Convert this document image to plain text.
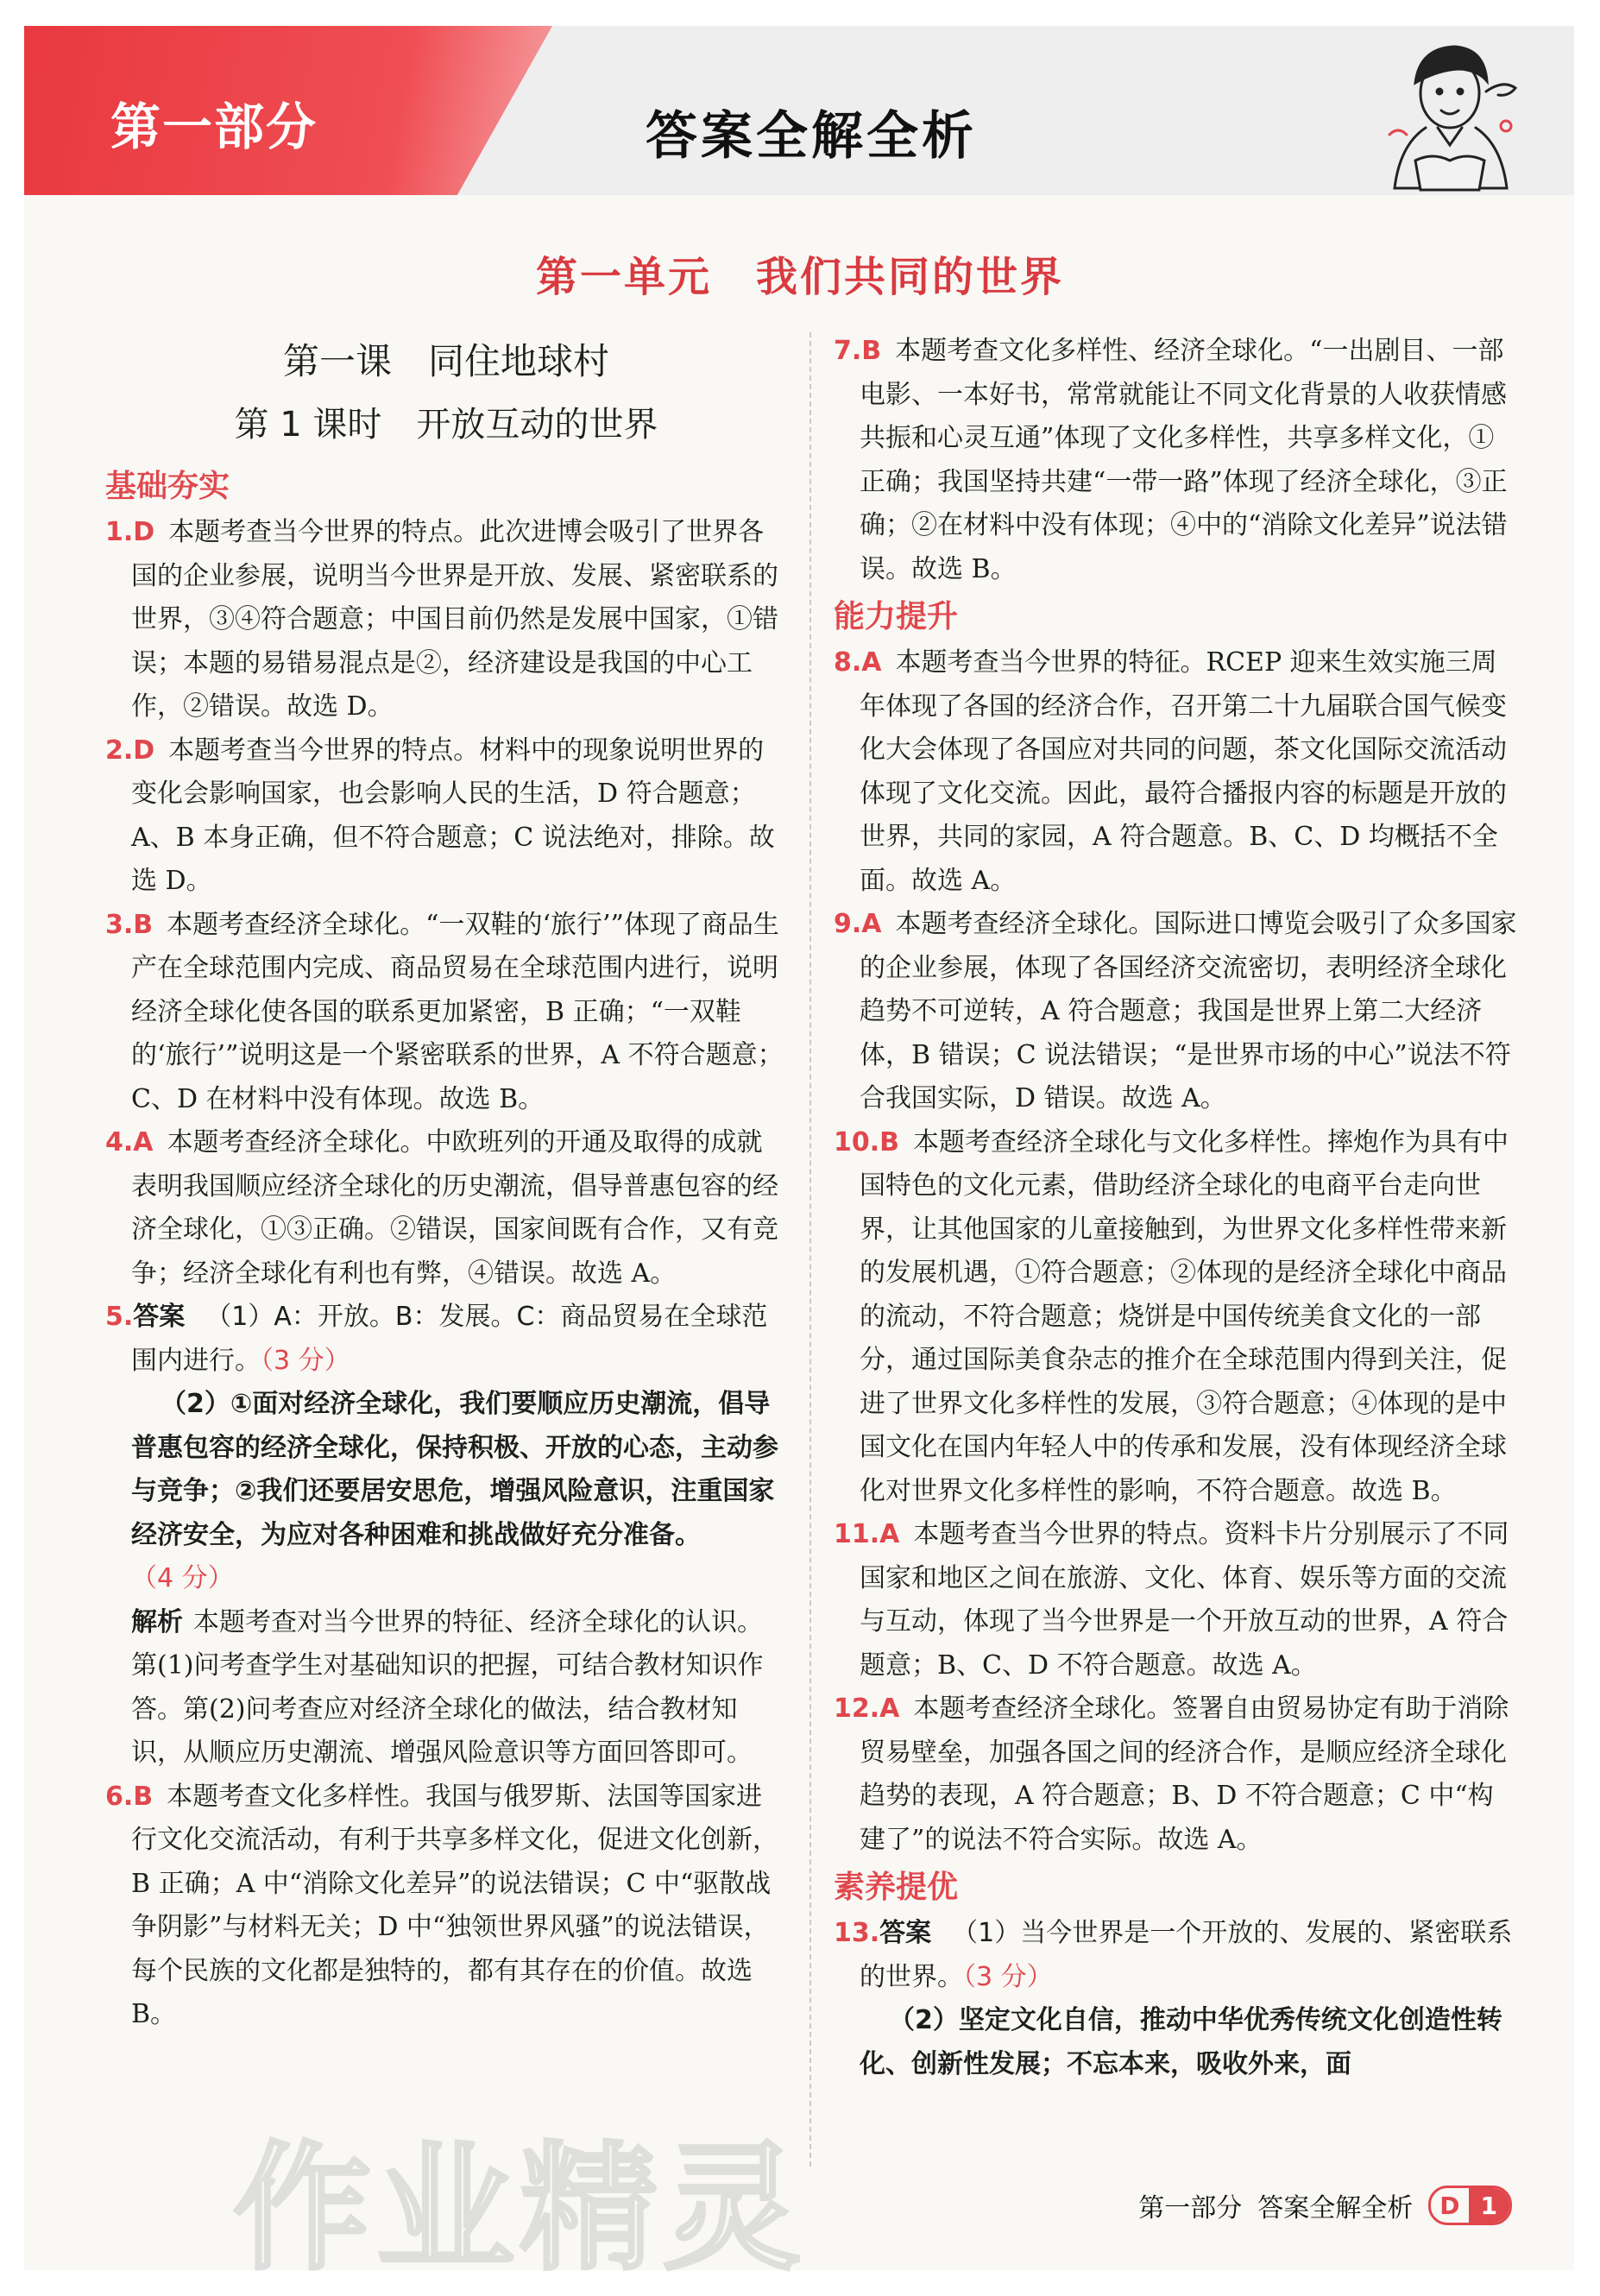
第一部分	答案全解全析
第一单元　我们共同的世界

第一课　同住地球村

第 1 课时　开放互动的世界

基础夯实

1.D 本题考查当今世界的特点。此次进博会吸引了世界各国的企业参展，说明当今世界是开放、发展、紧密联系的世界，③④符合题意；中国目前仍然是发展中国家，①错误；本题的易错易混点是②，经济建设是我国的中心工作，②错误。故选 D。

2.D 本题考查当今世界的特点。材料中的现象说明世界的变化会影响国家，也会影响人民的生活，D 符合题意；A、B 本身正确，但不符合题意；C 说法绝对，排除。故选 D。

3.B 本题考查经济全球化。“一双鞋的‘旅行’”体现了商品生产在全球范围内完成、商品贸易在全球范围内进行，说明经济全球化使各国的联系更加紧密，B 正确；“一双鞋的‘旅行’”说明这是一个紧密联系的世界，A 不符合题意；C、D 在材料中没有体现。故选 B。

4.A 本题考查经济全球化。中欧班列的开通及取得的成就表明我国顺应经济全球化的历史潮流，倡导普惠包容的经济全球化，①③正确。②错误，国家间既有合作，又有竞争；经济全球化有利也有弊，④错误。故选 A。

5.答案 （1）A：开放。B：发展。C：商品贸易在全球范围内进行。（3 分）

（2）①面对经济全球化，我们要顺应历史潮流，倡导普惠包容的经济全球化，保持积极、开放的心态，主动参与竞争；②我们还要居安思危，增强风险意识，注重国家经济安全，为应对各种困难和挑战做好充分准备。（4 分）

解析 本题考查对当今世界的特征、经济全球化的认识。第(1)问考查学生对基础知识的把握，可结合教材知识作答。第(2)问考查应对经济全球化的做法，结合教材知识，从顺应历史潮流、增强风险意识等方面回答即可。

6.B 本题考查文化多样性。我国与俄罗斯、法国等国家进行文化交流活动，有利于共享多样文化，促进文化创新，B 正确；A 中“消除文化差异”的说法错误；C 中“驱散战争阴影”与材料无关；D 中“独领世界风骚”的说法错误，每个民族的文化都是独特的，都有其存在的价值。故选 B。

7.B 本题考查文化多样性、经济全球化。“一出剧目、一部电影、一本好书，常常就能让不同文化背景的人收获情感共振和心灵互通”体现了文化多样性，共享多样文化，①正确；我国坚持共建“一带一路”体现了经济全球化，③正确；②在材料中没有体现；④中的“消除文化差异”说法错误。故选 B。

能力提升

8.A 本题考查当今世界的特征。RCEP 迎来生效实施三周年体现了各国的经济合作，召开第二十九届联合国气候变化大会体现了各国应对共同的问题，茶文化国际交流活动体现了文化交流。因此，最符合播报内容的标题是开放的世界，共同的家园，A 符合题意。B、C、D 均概括不全面。故选 A。

9.A 本题考查经济全球化。国际进口博览会吸引了众多国家的企业参展，体现了各国经济交流密切，表明经济全球化趋势不可逆转，A 符合题意；我国是世界上第二大经济体，B 错误；C 说法错误；“是世界市场的中心”说法不符合我国实际，D 错误。故选 A。

10.B 本题考查经济全球化与文化多样性。摔炮作为具有中国特色的文化元素，借助经济全球化的电商平台走向世界，让其他国家的儿童接触到，为世界文化多样性带来新的发展机遇，①符合题意；②体现的是经济全球化中商品的流动，不符合题意；烧饼是中国传统美食文化的一部分，通过国际美食杂志的推介在全球范围内得到关注，促进了世界文化多样性的发展，③符合题意；④体现的是中国文化在国内年轻人中的传承和发展，没有体现经济全球化对世界文化多样性的影响，不符合题意。故选 B。

11.A 本题考查当今世界的特点。资料卡片分别展示了不同国家和地区之间在旅游、文化、体育、娱乐等方面的交流与互动，体现了当今世界是一个开放互动的世界，A 符合题意；B、C、D 不符合题意。故选 A。

12.A 本题考查经济全球化。签署自由贸易协定有助于消除贸易壁垒，加强各国之间的经济合作，是顺应经济全球化趋势的表现，A 符合题意；B、D 不符合题意；C 中“构建了”的说法不符合实际。故选 A。

素养提优

13.答案 （1）当今世界是一个开放的、发展的、紧密联系的世界。（3 分）

（2）坚定文化自信，推动中华优秀传统文化创造性转化、创新性发展；不忘本来，吸收外来，面

作业精灵	第一部分 答案全解全析	D 1
